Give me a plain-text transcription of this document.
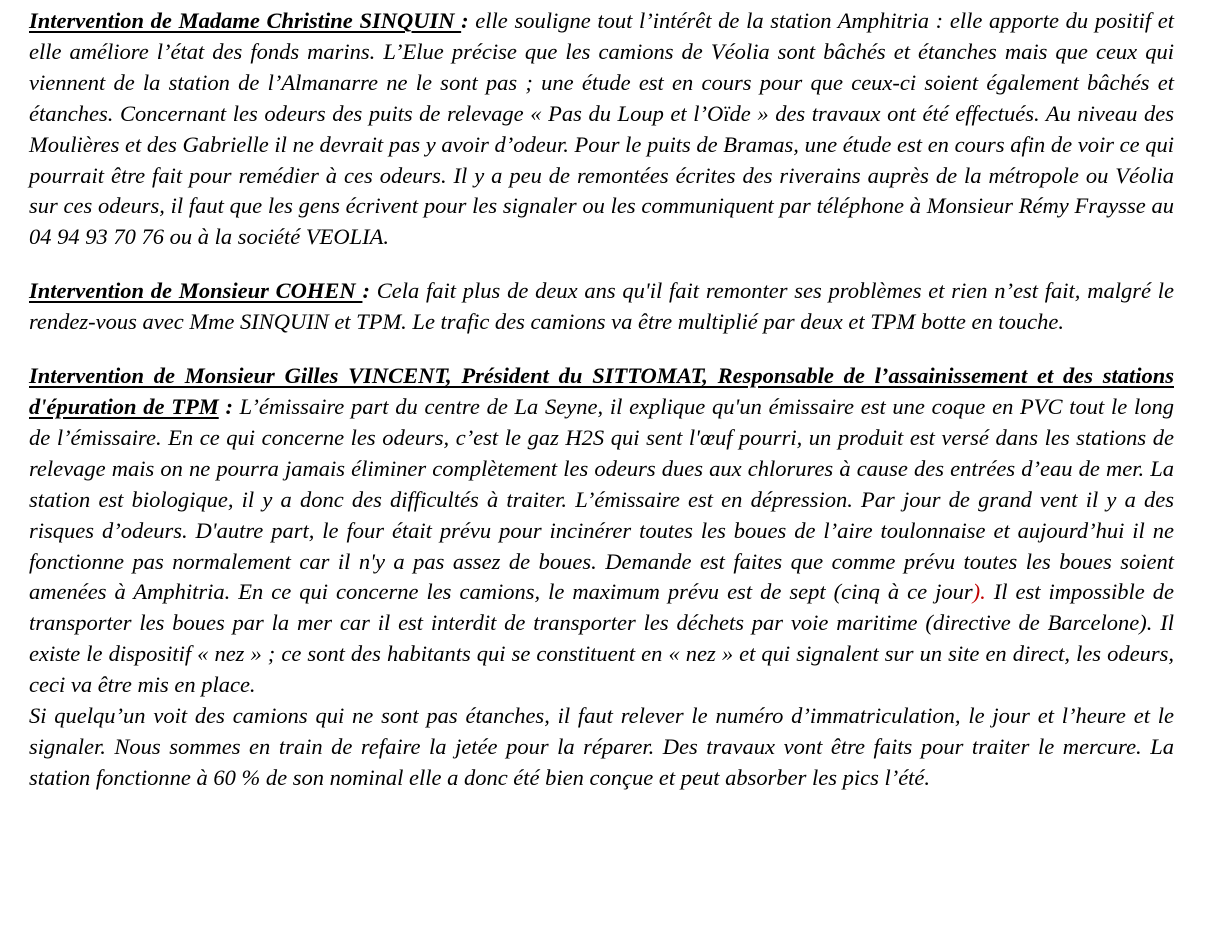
Intervention de Madame Christine SINQUIN : elle souligne tout l’intérêt de la station Amphitria : elle apporte du positif et elle améliore l’état des fonds marins. L’Elue précise que les camions de Véolia sont bâchés et étanches mais que ceux qui viennent de la station de l’Almanarre ne le sont pas ; une étude est en cours pour que ceux-ci soient également bâchés et étanches. Concernant les odeurs des puits de relevage « Pas du Loup et l’Oïde » des travaux ont été effectués. Au niveau des Moulières et des Gabrielle il ne devrait pas y avoir d’odeur. Pour le puits de Bramas, une étude est en cours afin de voir ce qui pourrait être fait pour remédier à ces odeurs. Il y a peu de remontées écrites des riverains auprès de la métropole ou Véolia sur ces odeurs, il faut que les gens écrivent pour les signaler ou les communiquent par téléphone à Monsieur Rémy Fraysse au 04 94 93 70 76 ou à la société VEOLIA.

Intervention de Monsieur COHEN : Cela fait plus de deux ans qu'il fait remonter ses problèmes et rien n’est fait, malgré le rendez-vous avec Mme SINQUIN et TPM. Le trafic des camions va être multiplié par deux et TPM botte en touche.

Intervention de Monsieur Gilles VINCENT, Président du SITTOMAT, Responsable de l’assainissement et des stations d'épuration de TPM : L’émissaire part du centre de La Seyne, il explique qu'un émissaire est une coque en PVC tout le long de l’émissaire. En ce qui concerne les odeurs, c’est le gaz H2S qui sent l'œuf pourri, un produit est versé dans les stations de relevage mais on ne pourra jamais éliminer complètement les odeurs dues aux chlorures à cause des entrées d’eau de mer. La station est biologique, il y a donc des difficultés à traiter. L’émissaire est en dépression. Par jour de grand vent il y a des risques d’odeurs. D'autre part, le four était prévu pour incinérer toutes les boues de l’aire toulonnaise et aujourd’hui il ne fonctionne pas normalement car il n'y a pas assez de boues. Demande est faites que comme prévu toutes les boues soient amenées à Amphitria. En ce qui concerne les camions, le maximum prévu est de sept (cinq à ce jour). Il est impossible de transporter les boues par la mer car il est interdit de transporter les déchets par voie maritime (directive de Barcelone). Il existe le dispositif « nez » ; ce sont des habitants qui se constituent en « nez » et qui signalent sur un site en direct, les odeurs, ceci va être mis en place.
Si quelqu’un voit des camions qui ne sont pas étanches, il faut relever le numéro d’immatriculation, le jour et l’heure et le signaler. Nous sommes en train de refaire la jetée pour la réparer. Des travaux vont être faits pour traiter le mercure. La station fonctionne à 60 % de son nominal elle a donc été bien conçue et peut absorber les pics l’été.
